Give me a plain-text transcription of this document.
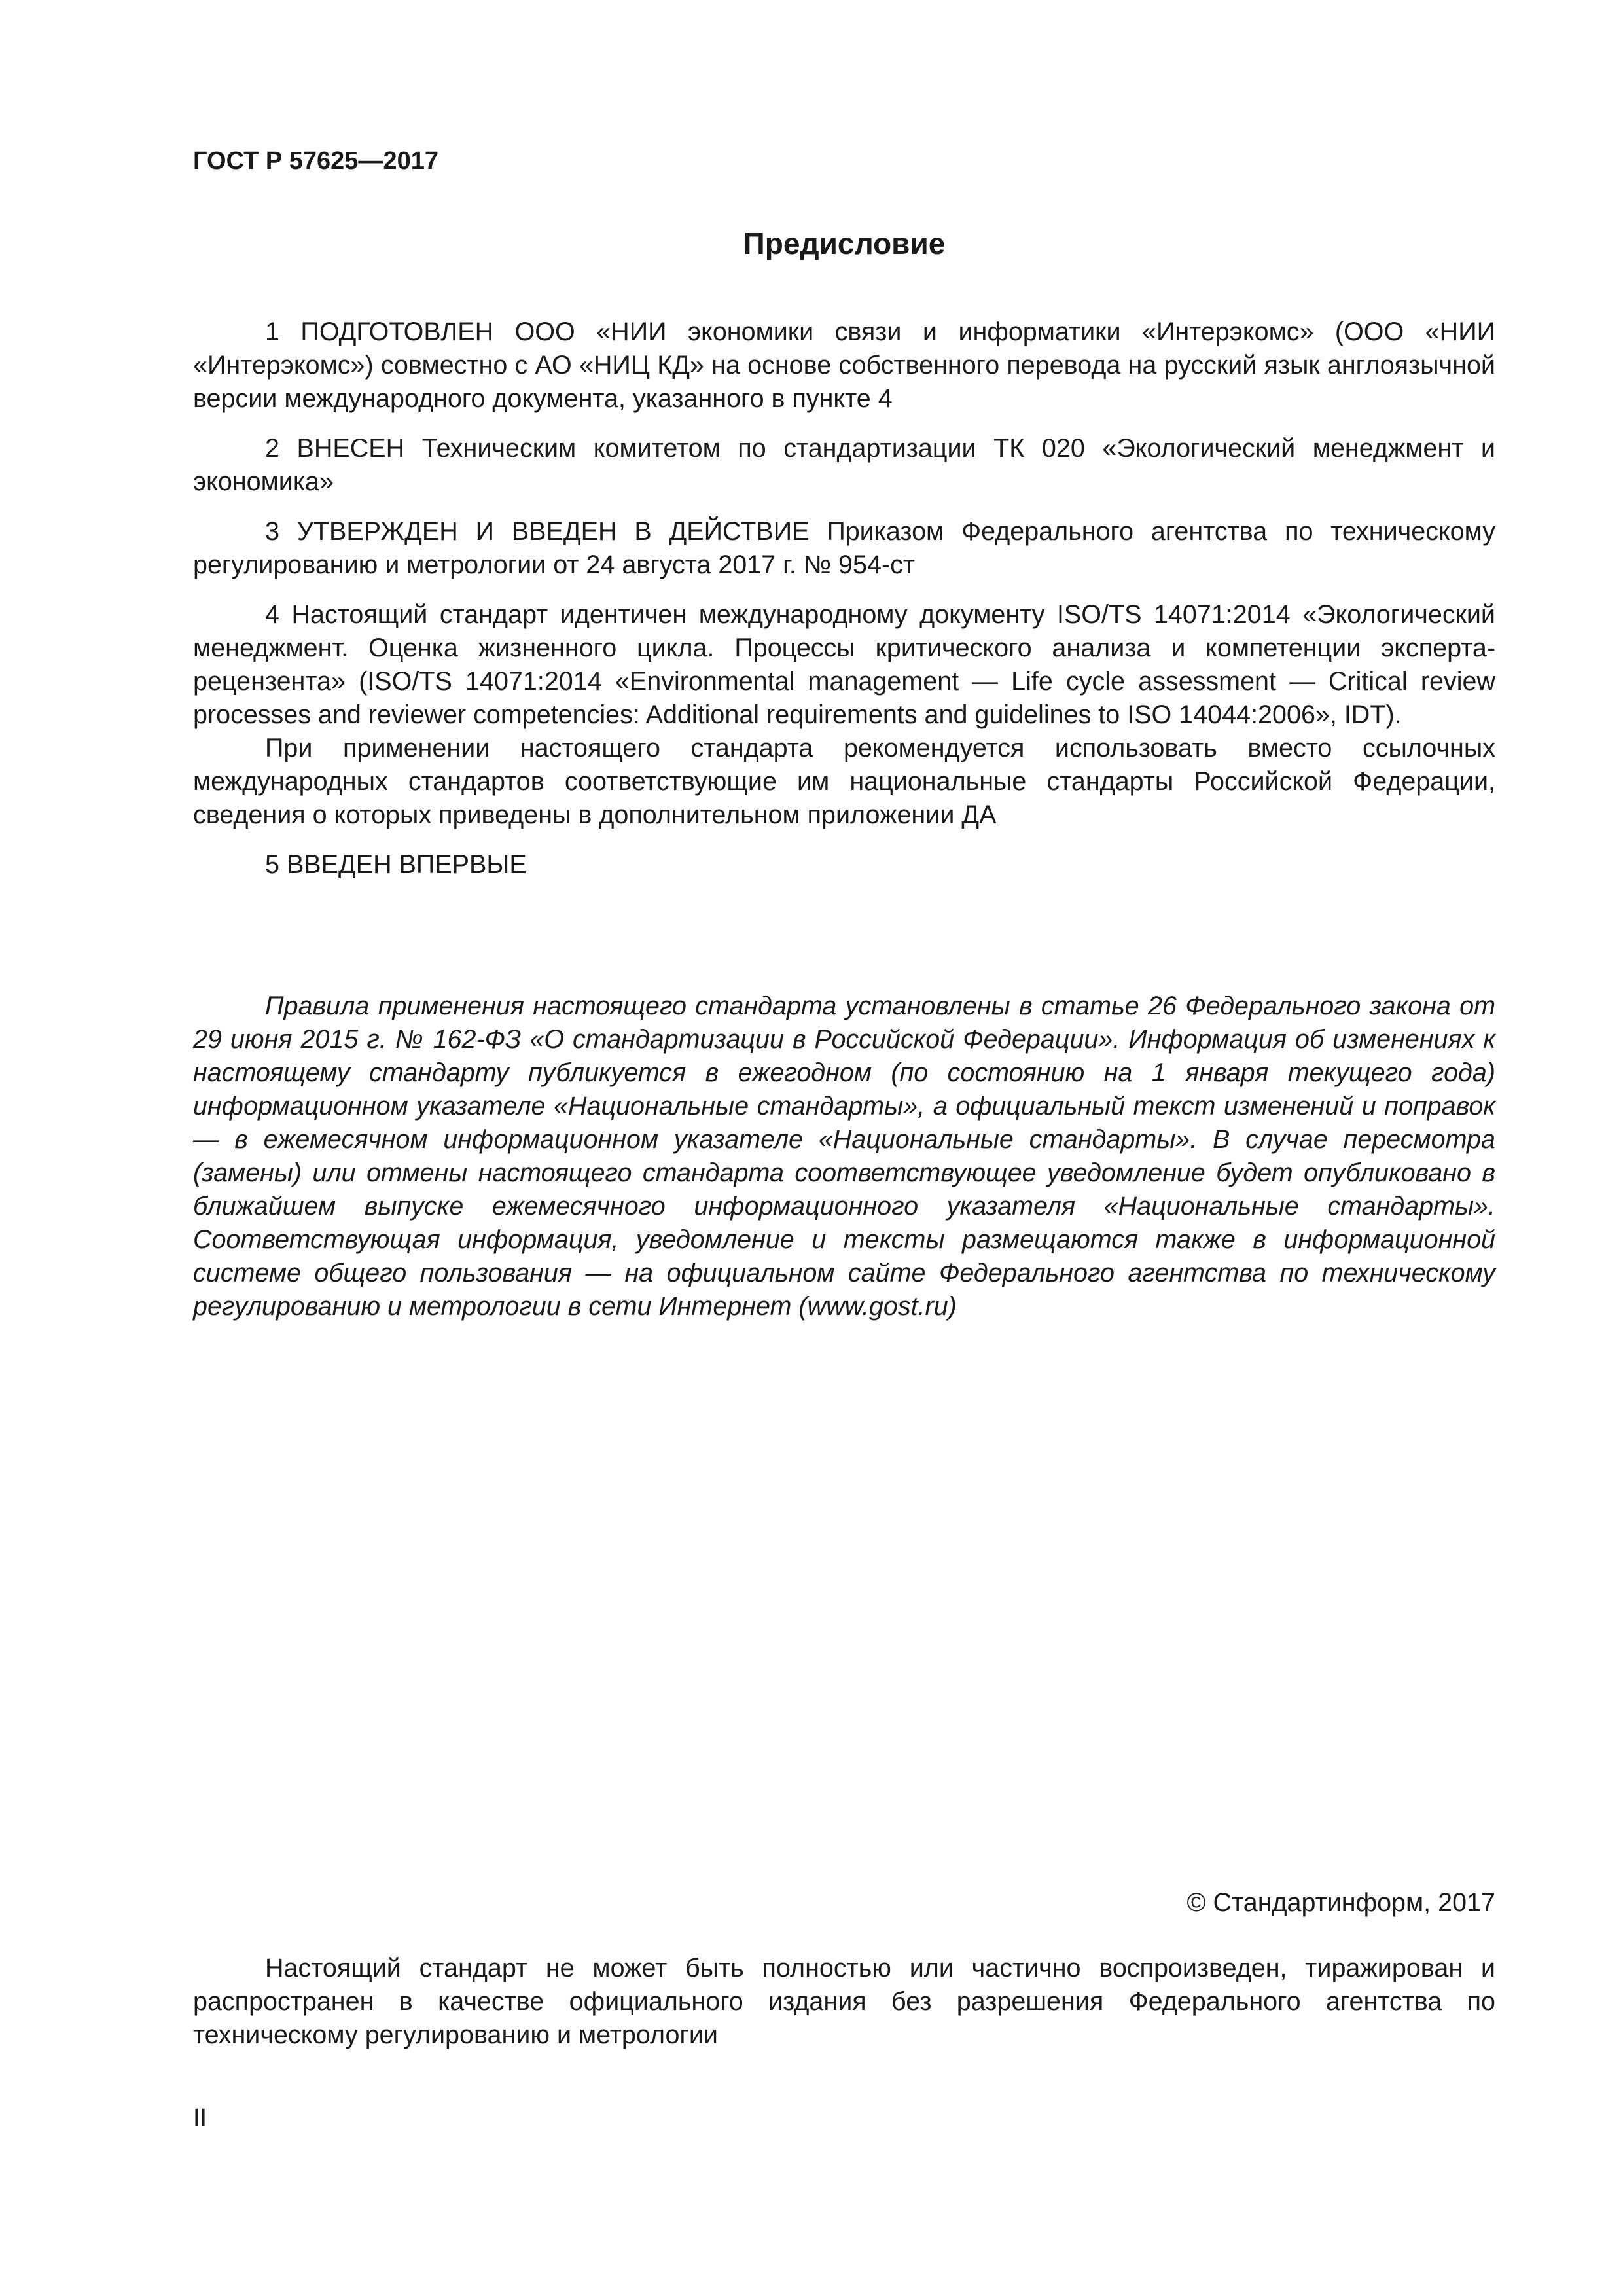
ГОСТ Р 57625—2017
Предисловие

1 ПОДГОТОВЛЕН ООО «НИИ экономики связи и информатики «Интерэкомс» (ООО «НИИ «Интерэкомс») совместно с АО «НИЦ КД» на основе собственного перевода на русский язык англоязычной версии международного документа, указанного в пункте 4

2 ВНЕСЕН Техническим комитетом по стандартизации ТК 020 «Экологический менеджмент и экономика»

3 УТВЕРЖДЕН И ВВЕДЕН В ДЕЙСТВИЕ Приказом Федерального агентства по техническому регулированию и метрологии от 24 августа 2017 г. № 954-ст

4 Настоящий стандарт идентичен международному документу ISO/TS 14071:2014 «Экологический менеджмент. Оценка жизненного цикла. Процессы критического анализа и компетенции эксперта-рецензента» (ISO/TS 14071:2014 «Environmental management — Life cycle assessment — Critical review processes and reviewer competencies: Additional requirements and guidelines to ISO 14044:2006», IDT).

При применении настоящего стандарта рекомендуется использовать вместо ссылочных международных стандартов соответствующие им национальные стандарты Российской Федерации, сведения о которых приведены в дополнительном приложении ДА

5 ВВЕДЕН ВПЕРВЫЕ

Правила применения настоящего стандарта установлены в статье 26 Федерального закона от 29 июня 2015 г. № 162-ФЗ «О стандартизации в Российской Федерации». Информация об изменениях к настоящему стандарту публикуется в ежегодном (по состоянию на 1 января текущего года) информационном указателе «Национальные стандарты», а официальный текст изменений и поправок — в ежемесячном информационном указателе «Национальные стандарты». В случае пересмотра (замены) или отмены настоящего стандарта соответствующее уведомление будет опубликовано в ближайшем выпуске ежемесячного информационного указателя «Национальные стандарты». Соответствующая информация, уведомление и тексты размещаются также в информационной системе общего пользования — на официальном сайте Федерального агентства по техническому регулированию и метрологии в сети Интернет (www.gost.ru)

© Стандартинформ, 2017

Настоящий стандарт не может быть полностью или частично воспроизведен, тиражирован и распространен в качестве официального издания без разрешения Федерального агентства по техническому регулированию и метрологии

II
